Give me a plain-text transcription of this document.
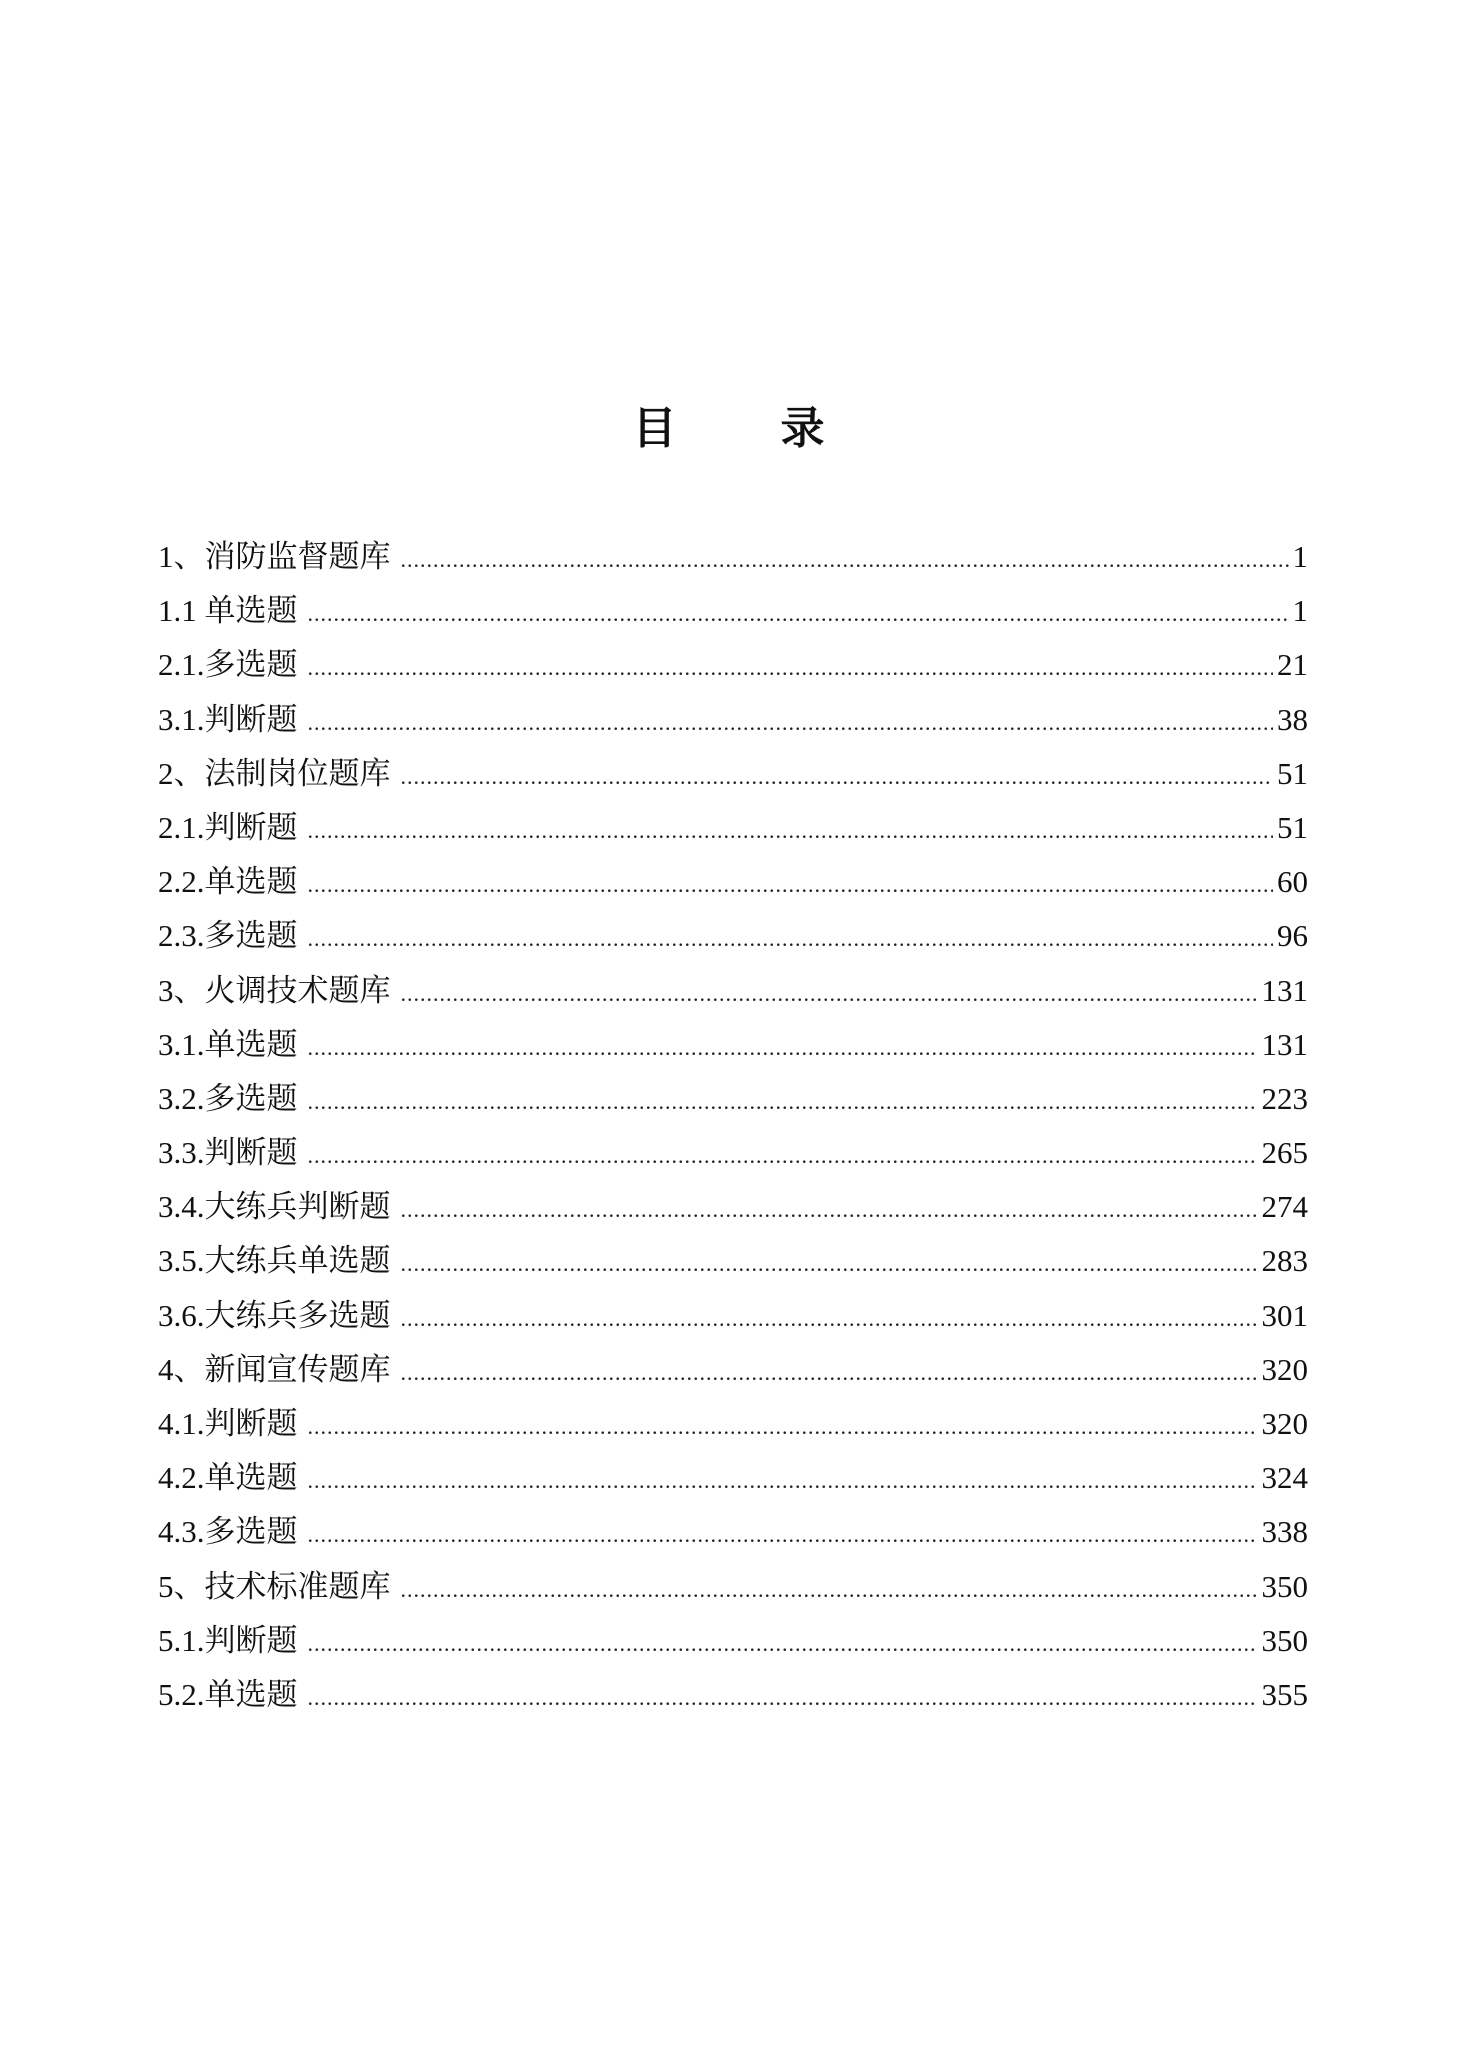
目 录
1、消防监督题库 .....	1
1.1 单选题 .....	1
2.1.多选题 .....	21
3.1.判断题 .....	38
2、法制岗位题库 .....	51
2.1.判断题 .....	51
2.2.单选题 .....	60
2.3.多选题 .....	96
3、火调技术题库 .....	131
3.1.单选题 .....	131
3.2.多选题 .....	223
3.3.判断题 .....	265
3.4.大练兵判断题 .....	274
3.5.大练兵单选题 .....	283
3.6.大练兵多选题 .....	301
4、新闻宣传题库 .....	320
4.1.判断题 .....	320
4.2.单选题 .....	324
4.3.多选题 .....	338
5、技术标准题库 .....	350
5.1.判断题 .....	350
5.2.单选题 .....	355
